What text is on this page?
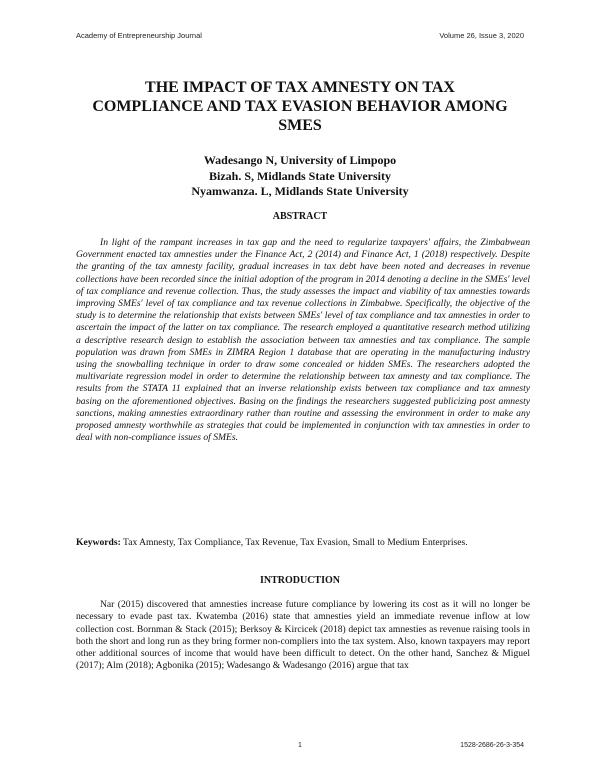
Academy of Entrepreneurship Journal	Volume 26, Issue 3, 2020
THE IMPACT OF TAX AMNESTY ON TAX COMPLIANCE AND TAX EVASION BEHAVIOR AMONG SMES
Wadesango N, University of Limpopo
Bizah. S, Midlands State University
Nyamwanza. L, Midlands State University
ABSTRACT

In light of the rampant increases in tax gap and the need to regularize taxpayers' affairs, the Zimbabwean Government enacted tax amnesties under the Finance Act, 2 (2014) and Finance Act, 1 (2018) respectively. Despite the granting of the tax amnesty facility, gradual increases in tax debt have been noted and decreases in revenue collections have been recorded since the initial adoption of the program in 2014 denoting a decline in the SMEs' level of tax compliance and revenue collection. Thus, the study assesses the impact and viability of tax amnesties towards improving SMEs' level of tax compliance and tax revenue collections in Zimbabwe. Specifically, the objective of the study is to determine the relationship that exists between SMEs' level of tax compliance and tax amnesties in order to ascertain the impact of the latter on tax compliance. The research employed a quantitative research method utilizing a descriptive research design to establish the association between tax amnesties and tax compliance. The sample population was drawn from SMEs in ZIMRA Region 1 database that are operating in the manufacturing industry using the snowballing technique in order to draw some concealed or hidden SMEs. The researchers adopted the multivariate regression model in order to determine the relationship between tax amnesty and tax compliance. The results from the STATA 11 explained that an inverse relationship exists between tax compliance and tax amnesty basing on the aforementioned objectives. Basing on the findings the researchers suggested publicizing post amnesty sanctions, making amnesties extraordinary rather than routine and assessing the environment in order to make any proposed amnesty worthwhile as strategies that could be implemented in conjunction with tax amnesties in order to deal with non-compliance issues of SMEs.

Keywords: Tax Amnesty, Tax Compliance, Tax Revenue, Tax Evasion, Small to Medium Enterprises.

INTRODUCTION

Nar (2015) discovered that amnesties increase future compliance by lowering its cost as it will no longer be necessary to evade past tax. Kwatemba (2016) state that amnesties yield an immediate revenue inflow at low collection cost. Bornman & Stack (2015); Berksoy & Kircicek (2018) depict tax amnesties as revenue raising tools in both the short and long run as they bring former non-compliers into the tax system. Also, known taxpayers may report other additional sources of income that would have been difficult to detect. On the other hand, Sanchez & Miguel (2017); Alm (2018); Agbonika (2015); Wadesango & Wadesango (2016) argue that tax

1	1528-2686-26-3-354
